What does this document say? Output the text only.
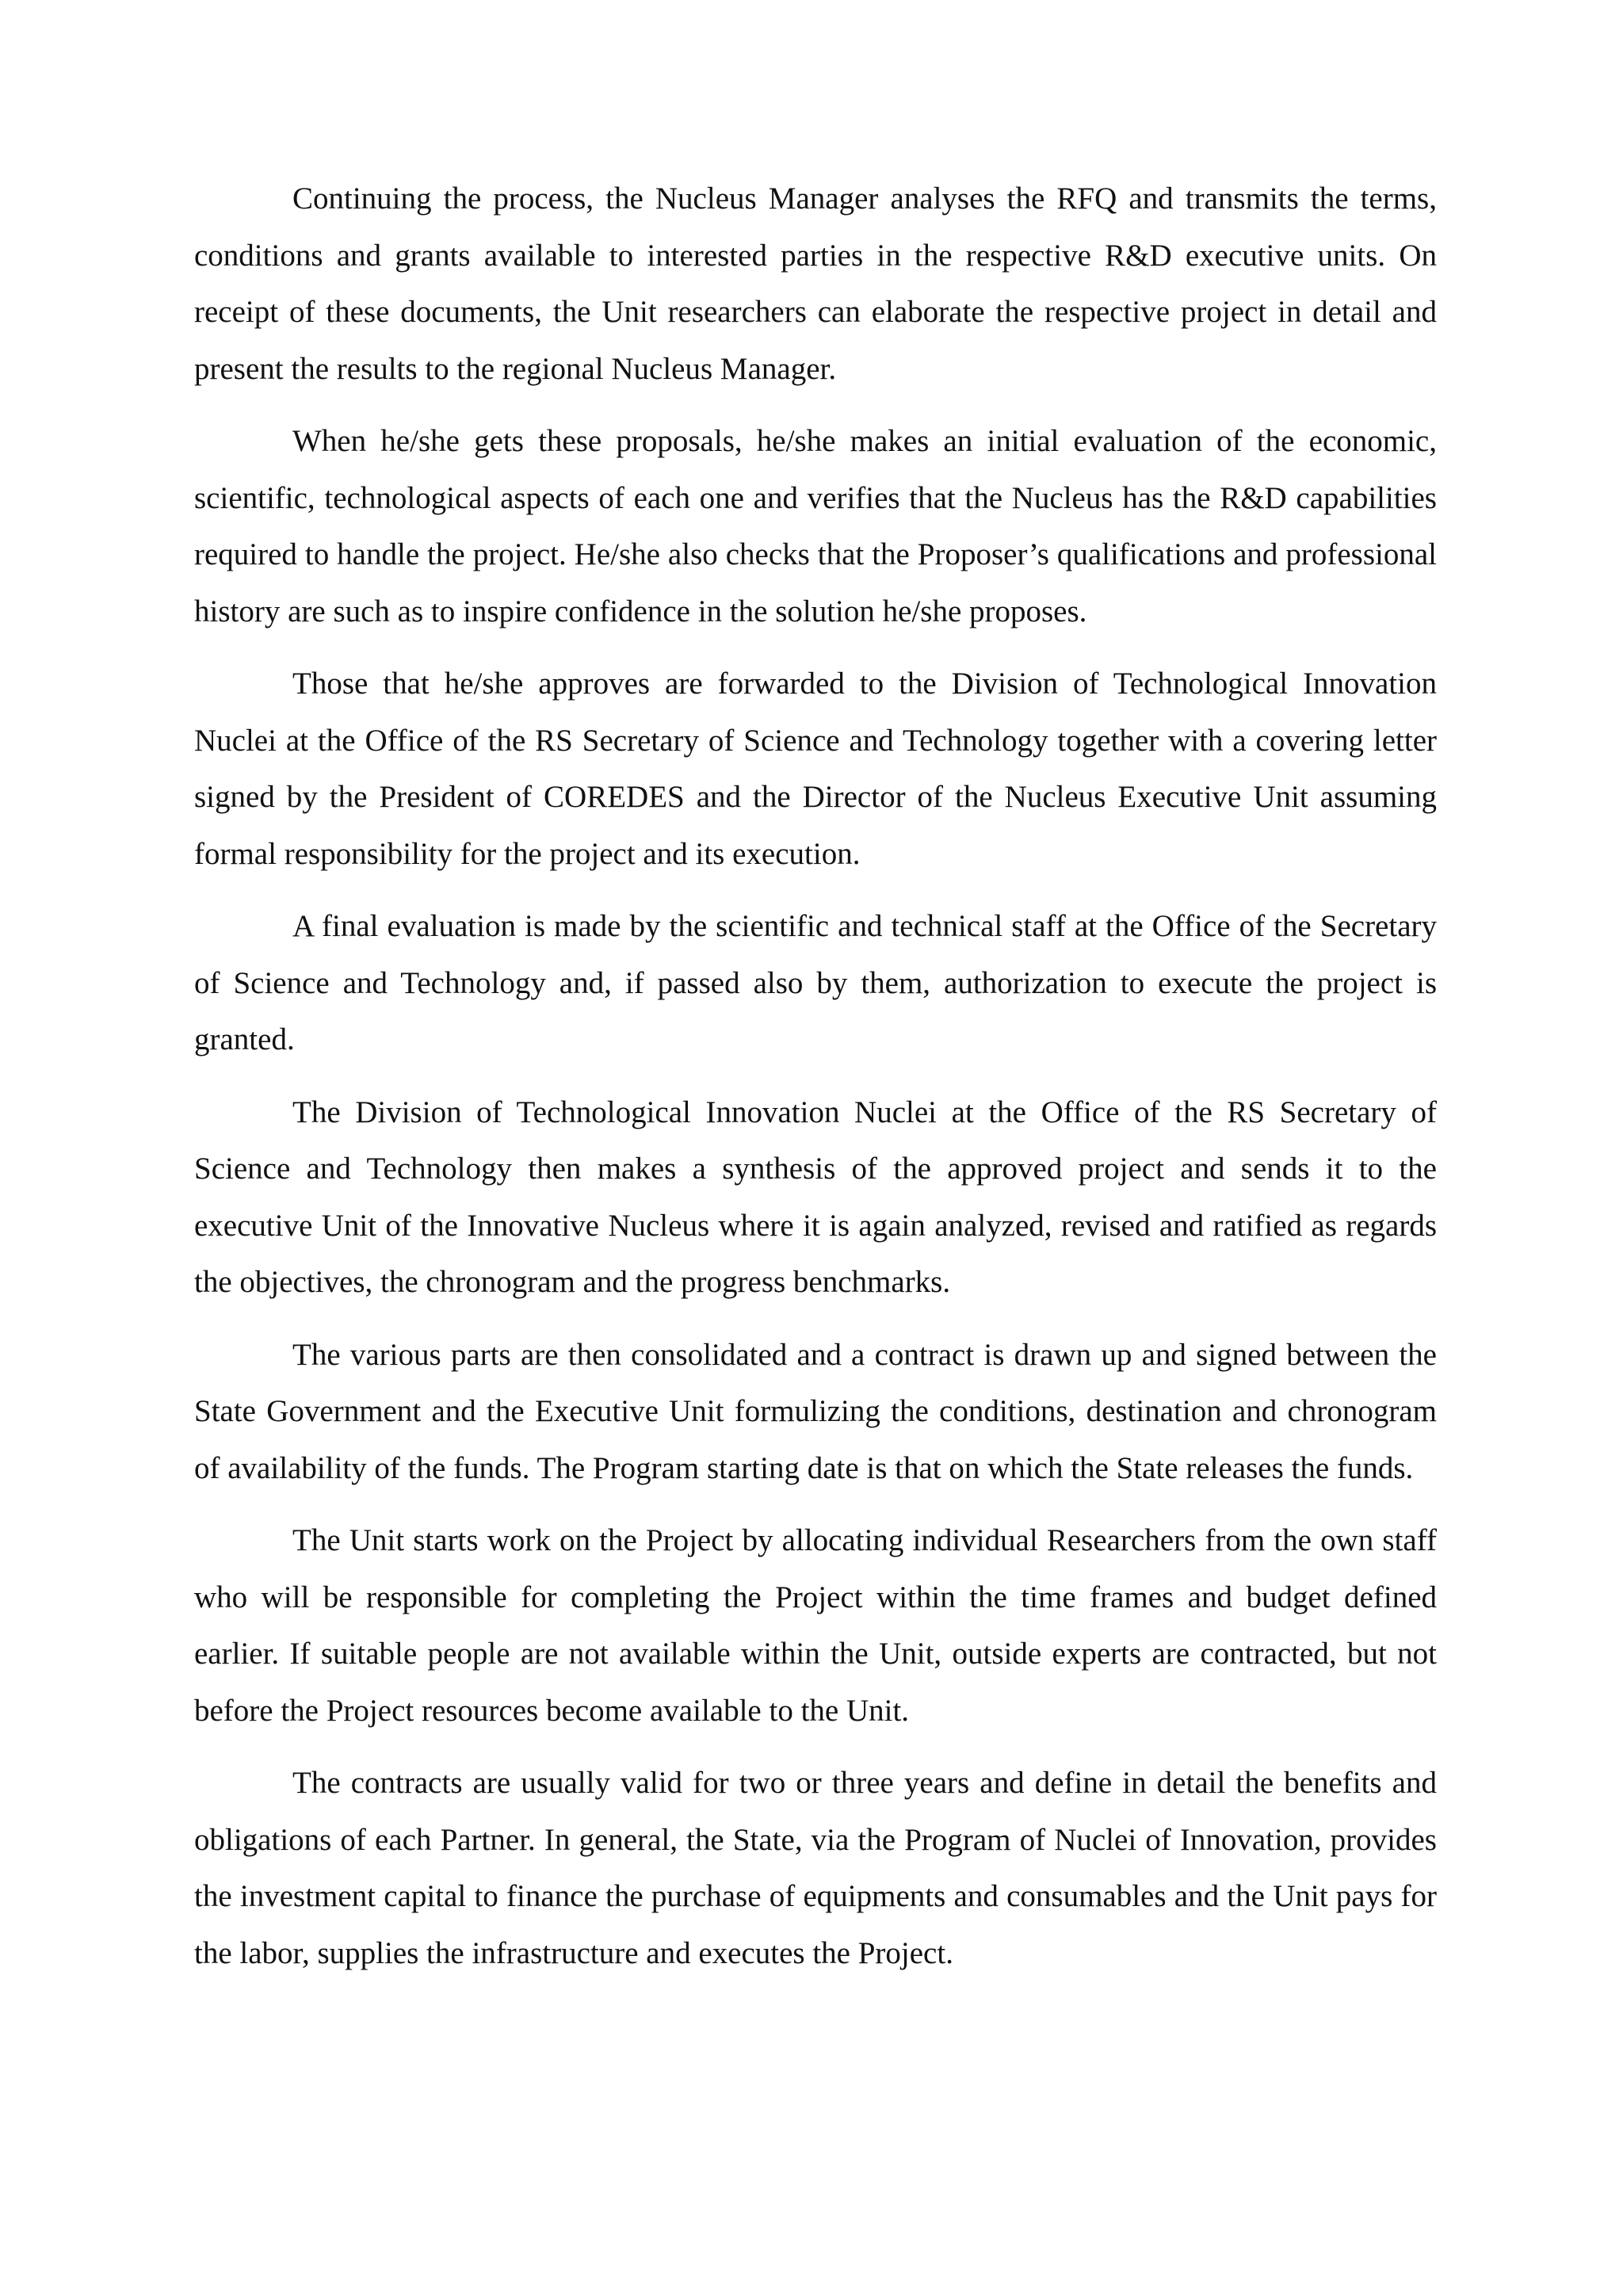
Continuing the process, the Nucleus Manager analyses the RFQ and transmits the terms, conditions and grants available to interested parties in the respective R&D executive units. On receipt of these documents, the Unit researchers can elaborate the respective project in detail and present the results to the regional Nucleus Manager.

When he/she gets these proposals, he/she makes an initial evaluation of the economic, scientific, technological aspects of each one and verifies that the Nucleus has the R&D capabilities required to handle the project. He/she also checks that the Proposer’s qualifications and professional history are such as to inspire confidence in the solution he/she proposes.

Those that he/she approves are forwarded to the Division of Technological Innovation Nuclei at the Office of the RS Secretary of Science and Technology together with a covering letter signed by the President of COREDES and the Director of the Nucleus Executive Unit assuming formal responsibility for the project and its execution.

A final evaluation is made by the scientific and technical staff at the Office of the Secretary of Science and Technology and, if passed also by them, authorization to execute the project is granted.

The Division of Technological Innovation Nuclei at the Office of the RS Secretary of Science and Technology then makes a synthesis of the approved project and sends it to the executive Unit of the Innovative Nucleus where it is again analyzed, revised and ratified as regards the objectives, the chronogram and the progress benchmarks.

The various parts are then consolidated and a contract is drawn up and signed between the State Government and the Executive Unit formulizing the conditions, destination and chronogram of availability of the funds. The Program starting date is that on which the State releases the funds.

The Unit starts work on the Project by allocating individual Researchers from the own staff who will be responsible for completing the Project within the time frames and budget defined earlier. If suitable people are not available within the Unit, outside experts are contracted, but not before the Project resources become available to the Unit.

The contracts are usually valid for two or three years and define in detail the benefits and obligations of each Partner. In general, the State, via the Program of Nuclei of Innovation, provides the investment capital to finance the purchase of equipments and consumables and the Unit pays for the labor, supplies the infrastructure and executes the Project.
